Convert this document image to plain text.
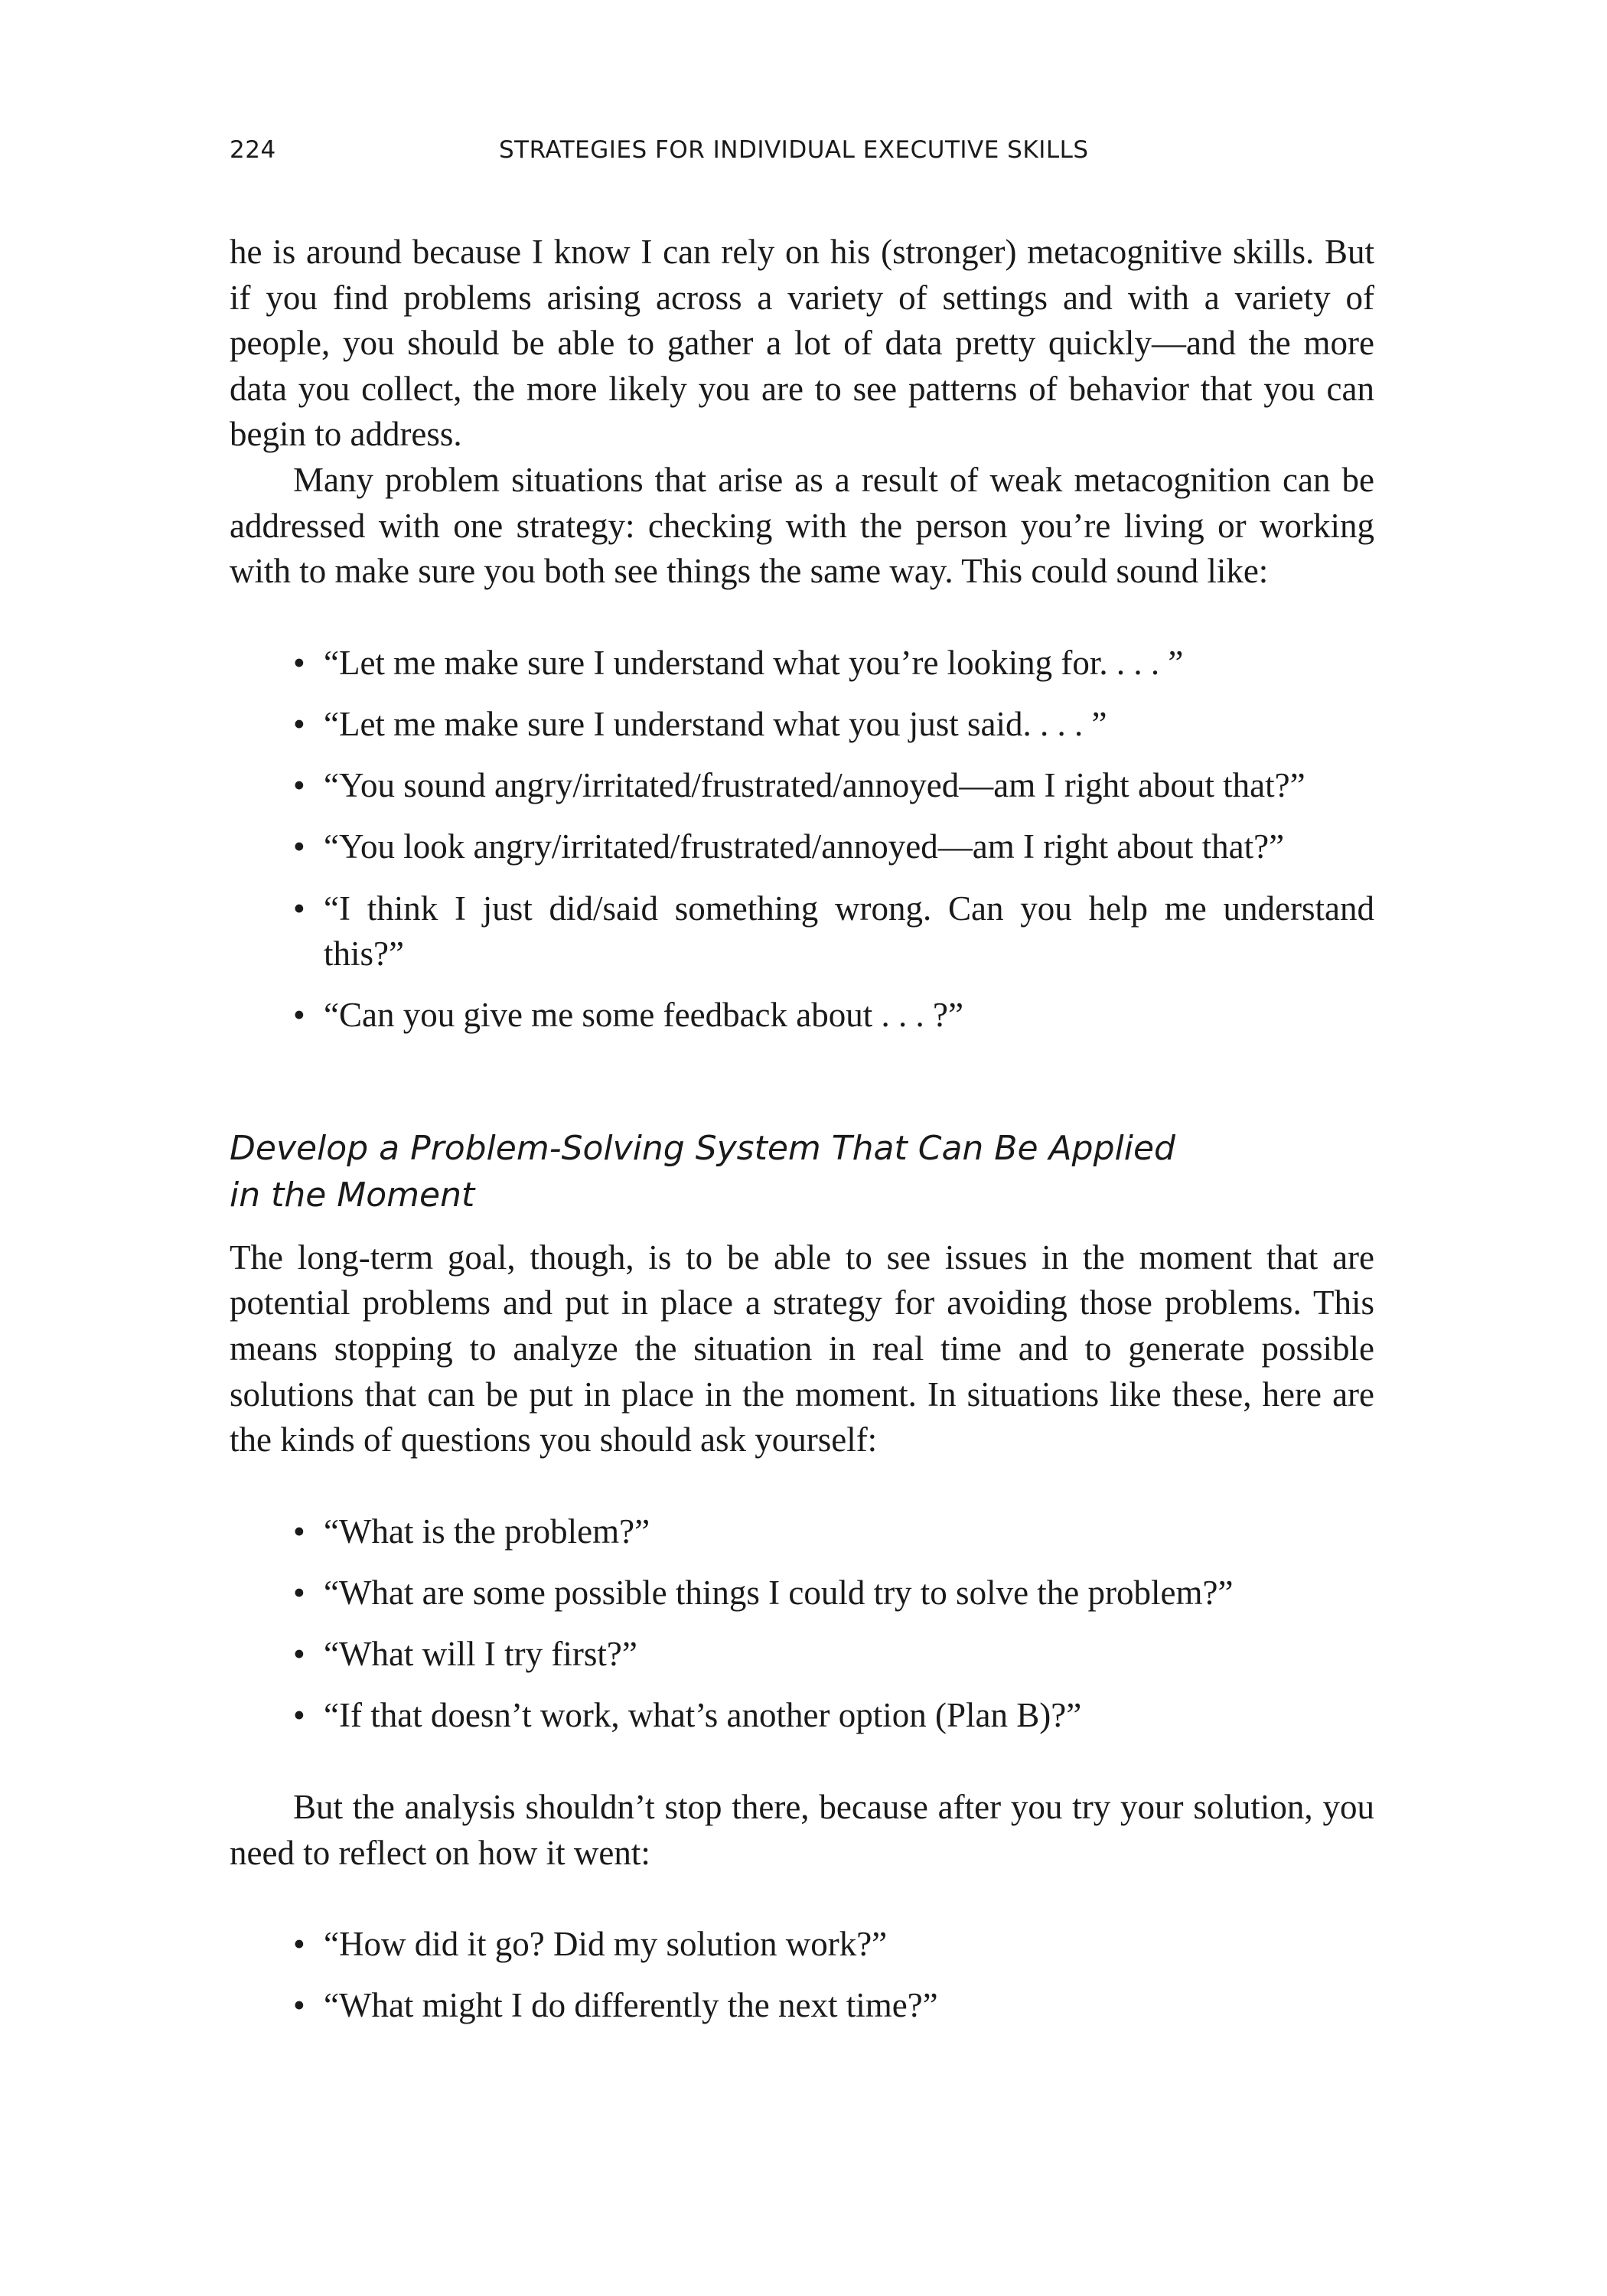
224	STRATEGIES FOR INDIVIDUAL EXECUTIVE SKILLS

he is around because I know I can rely on his (stronger) metacognitive skills. But if you find problems arising across a variety of settings and with a variety of people, you should be able to gather a lot of data pretty quickly—and the more data you collect, the more likely you are to see patterns of behavior that you can begin to address.

Many problem situations that arise as a result of weak metacognition can be addressed with one strategy: checking with the person you’re living or working with to make sure you both see things the same way. This could sound like:

• “Let me make sure I understand what you’re looking for. . . . ”
• “Let me make sure I understand what you just said. . . . ”
• “You sound angry/irritated/frustrated/annoyed—am I right about that?”
• “You look angry/irritated/frustrated/annoyed—am I right about that?”
• “I think I just did/said something wrong. Can you help me understand this?”
• “Can you give me some feedback about . . . ?”
Develop a Problem-Solving System That Can Be Applied
in the Moment

The long-term goal, though, is to be able to see issues in the moment that are potential problems and put in place a strategy for avoiding those problems. This means stopping to analyze the situation in real time and to generate possible solutions that can be put in place in the moment. In situations like these, here are the kinds of questions you should ask yourself:

• “What is the problem?”
• “What are some possible things I could try to solve the problem?”
• “What will I try first?”
• “If that doesn’t work, what’s another option (Plan B)?”

But the analysis shouldn’t stop there, because after you try your solution, you need to reflect on how it went:

• “How did it go? Did my solution work?”
• “What might I do differently the next time?”
